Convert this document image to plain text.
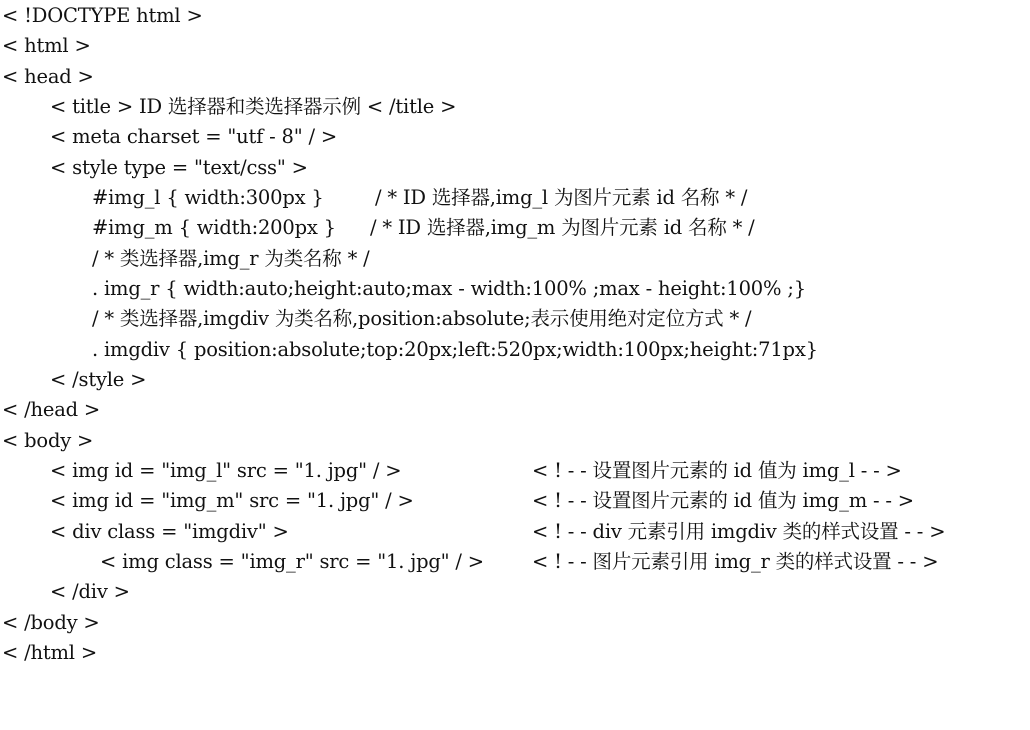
< !DOCTYPE html >

< html >

< head >

< title > ID 选择器和类选择器示例 < /title >

< meta charset = "utf - 8" / >

< style type = "text/css" >

#img_l { width:300px }

	/ * ID 选择器,img_l 为图片元素 id 名称 * /

#img_m { width:200px }

/ * ID 选择器,img_m 为图片元素 id 名称 * /

/ * 类选择器,img_r 为类名称 * /

. img_r { width:auto;height:auto;max - width:100% ;max - height:100% ;}

/ * 类选择器,imgdiv 为类名称,position:absolute;表示使用绝对定位方式 * /

. imgdiv { position:absolute;top:20px;left:520px;width:100px;height:71px}

< /style >

< /head >

< body >

< img id = "img_l" src = "1. jpg" / >

	< ! - - 设置图片元素的 id 值为 img_l - - >

< img id = "img_m" src = "1. jpg" / >

	< ! - - 设置图片元素的 id 值为 img_m - - >

< div class = "imgdiv" >

	< ! - - div 元素引用 imgdiv 类的样式设置 - - >

< img class = "img_r" src = "1. jpg" / >

< ! - - 图片元素引用 img_r 类的样式设置 - - >

< /div >

< /body >

< /html >
